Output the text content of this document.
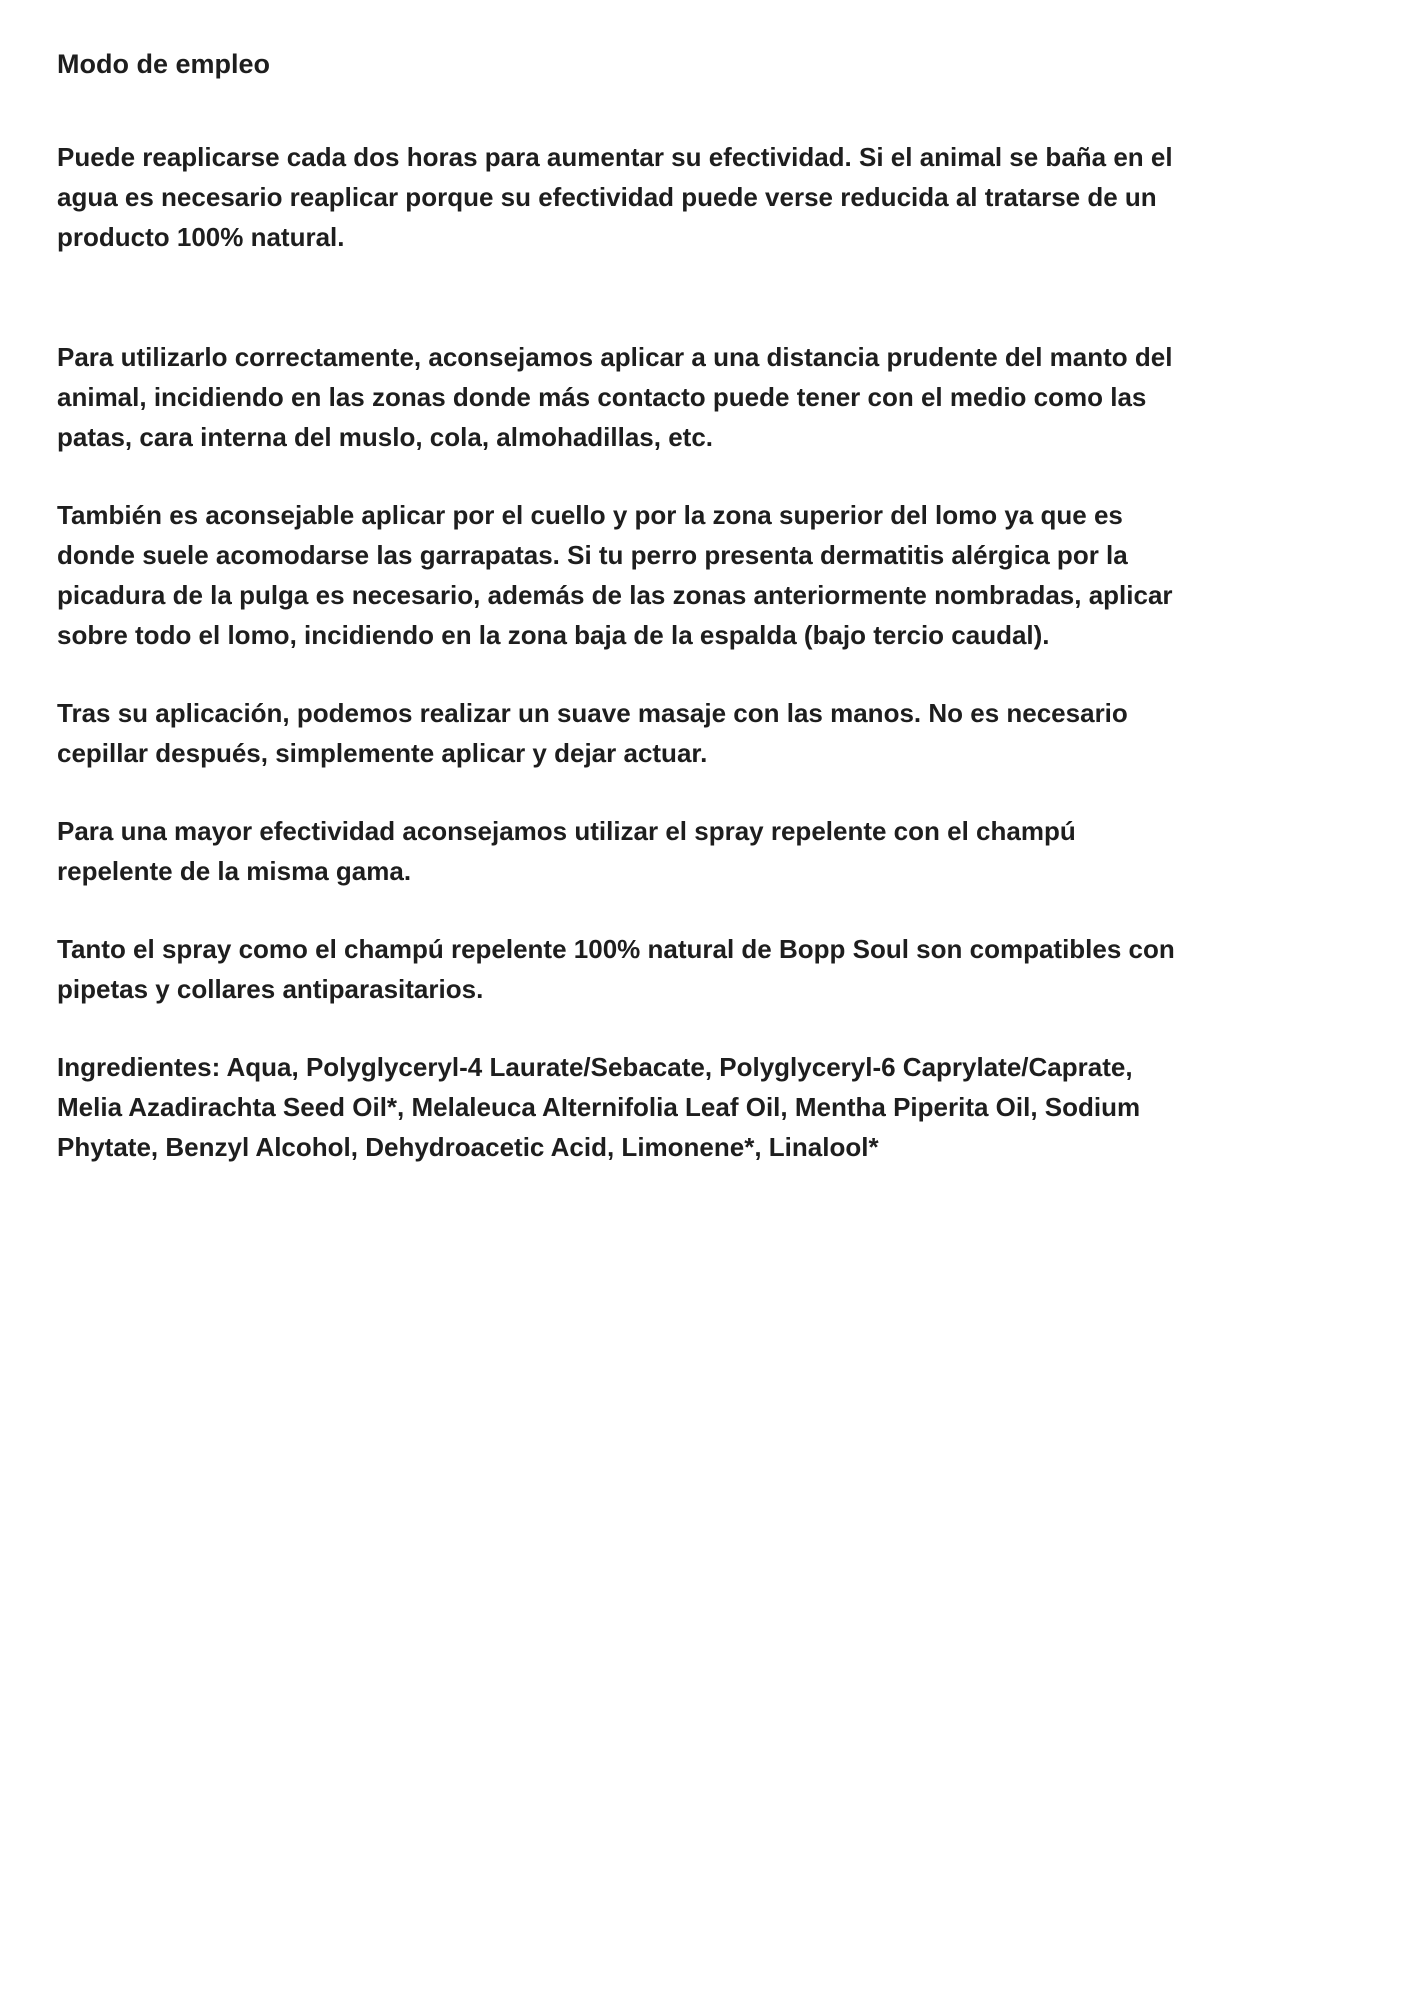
Modo de empleo

Puede reaplicarse cada dos horas para aumentar su efectividad. Si el animal se baña en el
agua es necesario reaplicar porque su efectividad puede verse reducida al tratarse de un
producto 100% natural.

Para utilizarlo correctamente, aconsejamos aplicar a una distancia prudente del manto del
animal, incidiendo en las zonas donde más contacto puede tener con el medio como las
patas, cara interna del muslo, cola, almohadillas, etc.

También es aconsejable aplicar por el cuello y por la zona superior del lomo ya que es
donde suele acomodarse las garrapatas. Si tu perro presenta dermatitis alérgica por la
picadura de la pulga es necesario, además de las zonas anteriormente nombradas, aplicar
sobre todo el lomo, incidiendo en la zona baja de la espalda (bajo tercio caudal).

Tras su aplicación, podemos realizar un suave masaje con las manos. No es necesario
cepillar después, simplemente aplicar y dejar actuar.

Para una mayor efectividad aconsejamos utilizar el spray repelente con el champú
repelente de la misma gama.

Tanto el spray como el champú repelente 100% natural de Bopp Soul son compatibles con
pipetas y collares antiparasitarios.

Ingredientes: Aqua, Polyglyceryl-4 Laurate/Sebacate, Polyglyceryl-6 Caprylate/Caprate,
Melia Azadirachta Seed Oil*, Melaleuca Alternifolia Leaf Oil, Mentha Piperita Oil, Sodium
Phytate, Benzyl Alcohol, Dehydroacetic Acid, Limonene*, Linalool*
